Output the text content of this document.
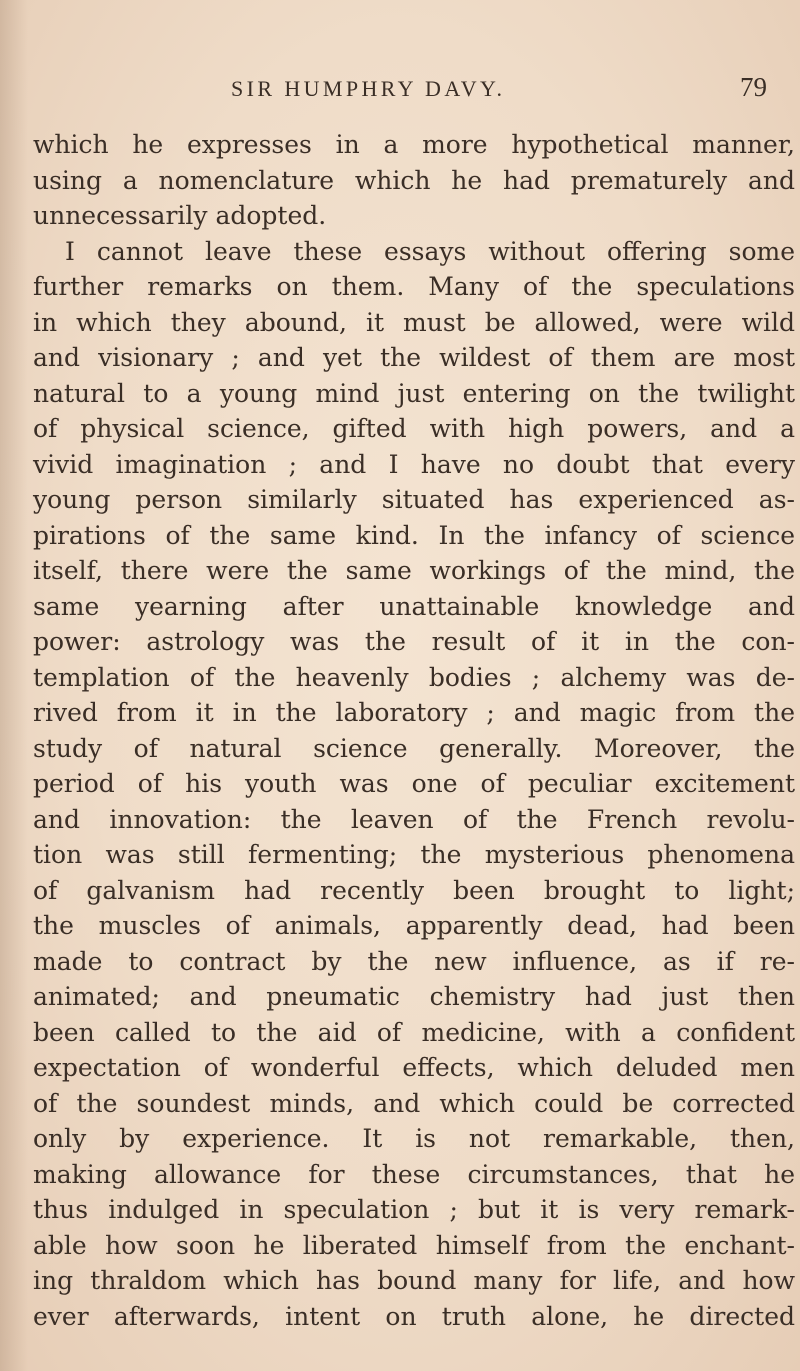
SIR HUMPHRY DAVY.	79
which he expresses in a more hypothetical manner,
using a nomenclature which he had prematurely and
unnecessarily adopted.
I cannot leave these essays without offering some
further remarks on them. Many of the speculations
in which they abound, it must be allowed, were wild
and visionary ; and yet the wildest of them are most
natural to a young mind just entering on the twilight
of physical science, gifted with high powers, and a
vivid imagination ; and I have no doubt that every
young person similarly situated has experienced as-
pirations of the same kind. In the infancy of science
itself, there were the same workings of the mind, the
same yearning after unattainable knowledge and
power: astrology was the result of it in the con-
templation of the heavenly bodies ; alchemy was de-
rived from it in the laboratory ; and magic from the
study of natural science generally. Moreover, the
period of his youth was one of peculiar excitement
and innovation: the leaven of the French revolu-
tion was still fermenting; the mysterious phenomena
of galvanism had recently been brought to light;
the muscles of animals, apparently dead, had been
made to contract by the new influence, as if re-
animated; and pneumatic chemistry had just then
been called to the aid of medicine, with a confident
expectation of wonderful effects, which deluded men
of the soundest minds, and which could be corrected
only by experience. It is not remarkable, then,
making allowance for these circumstances, that he
thus indulged in speculation ; but it is very remark-
able how soon he liberated himself from the enchant-
ing thraldom which has bound many for life, and how
ever afterwards, intent on truth alone, he directed
